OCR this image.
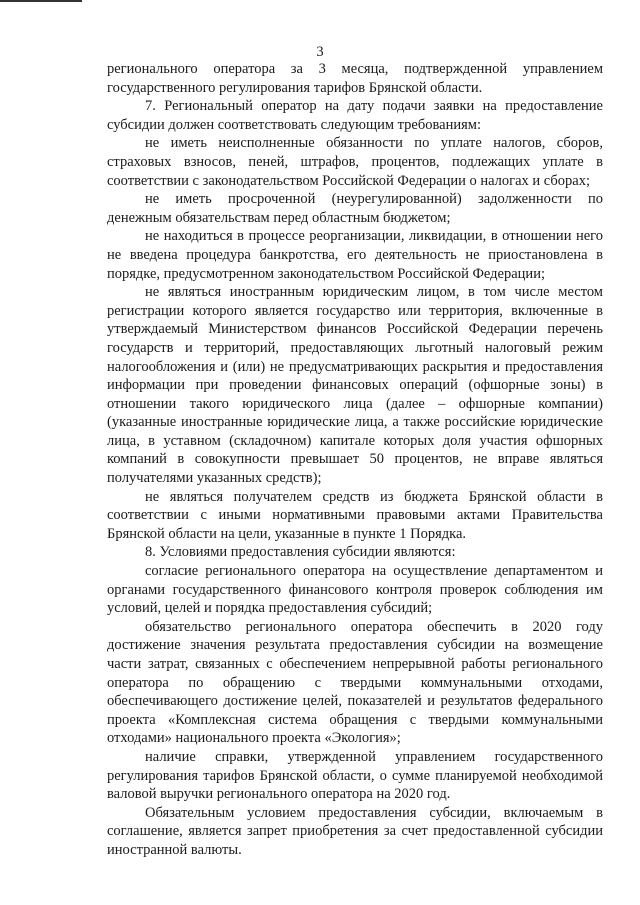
3

регионального оператора за 3 месяца, подтвержденной управлением государственного регулирования тарифов Брянской области.

7. Региональный оператор на дату подачи заявки на предоставление субсидии должен соответствовать следующим требованиям:

не иметь неисполненные обязанности по уплате налогов, сборов, страховых взносов, пеней, штрафов, процентов, подлежащих уплате в соответствии с законодательством Российской Федерации о налогах и сборах;

не иметь просроченной (неурегулированной) задолженности по денежным обязательствам перед областным бюджетом;

не находиться в процессе реорганизации, ликвидации, в отношении него не введена процедура банкротства, его деятельность не приостановлена в порядке, предусмотренном законодательством Российской Федерации;

не являться иностранным юридическим лицом, в том числе местом регистрации которого является государство или территория, включенные в утверждаемый Министерством финансов Российской Федерации перечень государств и территорий, предоставляющих льготный налоговый режим налогообложения и (или) не предусматривающих раскрытия и предоставления информации при проведении финансовых операций (офшорные зоны) в отношении такого юридического лица (далее – офшорные компании) (указанные иностранные юридические лица, а также российские юридические лица, в уставном (складочном) капитале которых доля участия офшорных компаний в совокупности превышает 50 процентов, не вправе являться получателями указанных средств);

не являться получателем средств из бюджета Брянской области в соответствии с иными нормативными правовыми актами Правительства Брянской области на цели, указанные в пункте 1 Порядка.

8. Условиями предоставления субсидии являются:

согласие регионального оператора на осуществление департаментом и органами государственного финансового контроля проверок соблюдения им условий, целей и порядка предоставления субсидий;

обязательство регионального оператора обеспечить в 2020 году достижение значения результата предоставления субсидии на возмещение части затрат, связанных с обеспечением непрерывной работы регионального оператора по обращению с твердыми коммунальными отходами, обеспечивающего достижение целей, показателей и результатов федерального проекта «Комплексная система обращения с твердыми коммунальными отходами» национального проекта «Экология»;

наличие справки, утвержденной управлением государственного регулирования тарифов Брянской области, о сумме планируемой необходимой валовой выручки регионального оператора на 2020 год.

Обязательным условием предоставления субсидии, включаемым в соглашение, является запрет приобретения за счет предоставленной субсидии иностранной валюты.
